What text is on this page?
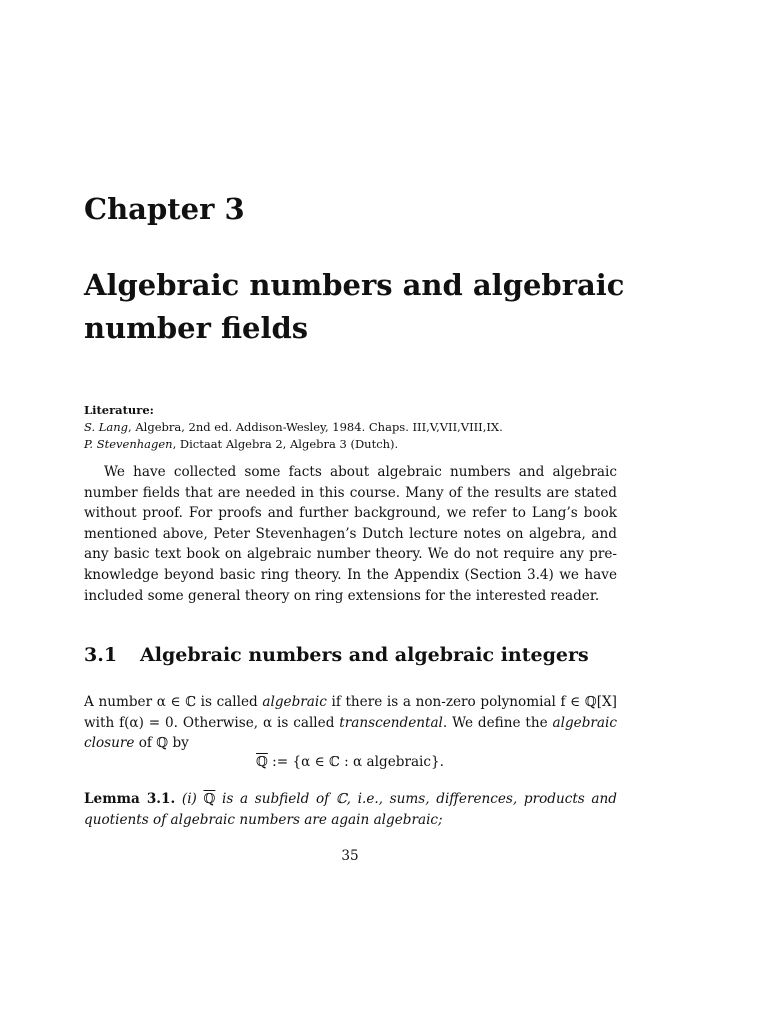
Chapter 3
Algebraic numbers and algebraic number fields
Literature:
S. Lang, Algebra, 2nd ed. Addison-Wesley, 1984. Chaps. III,V,VII,VIII,IX.
P. Stevenhagen, Dictaat Algebra 2, Algebra 3 (Dutch).

We have collected some facts about algebraic numbers and algebraic number fields that are needed in this course. Many of the results are stated without proof. For proofs and further background, we refer to Lang’s book mentioned above, Peter Stevenhagen’s Dutch lecture notes on algebra, and any basic text book on algebraic number theory. We do not require any pre-knowledge beyond basic ring theory. In the Appendix (Section 3.4) we have included some general theory on ring extensions for the interested reader.

3.1 Algebraic numbers and algebraic integers

A number α ∈ ℂ is called algebraic if there is a non-zero polynomial f ∈ ℚ[X] with f(α) = 0. Otherwise, α is called transcendental. We define the algebraic closure of ℚ by

ℚ := {α ∈ ℂ : α algebraic}.

Lemma 3.1. (i) ℚ is a subfield of ℂ, i.e., sums, differences, products and quotients of algebraic numbers are again algebraic;

35
